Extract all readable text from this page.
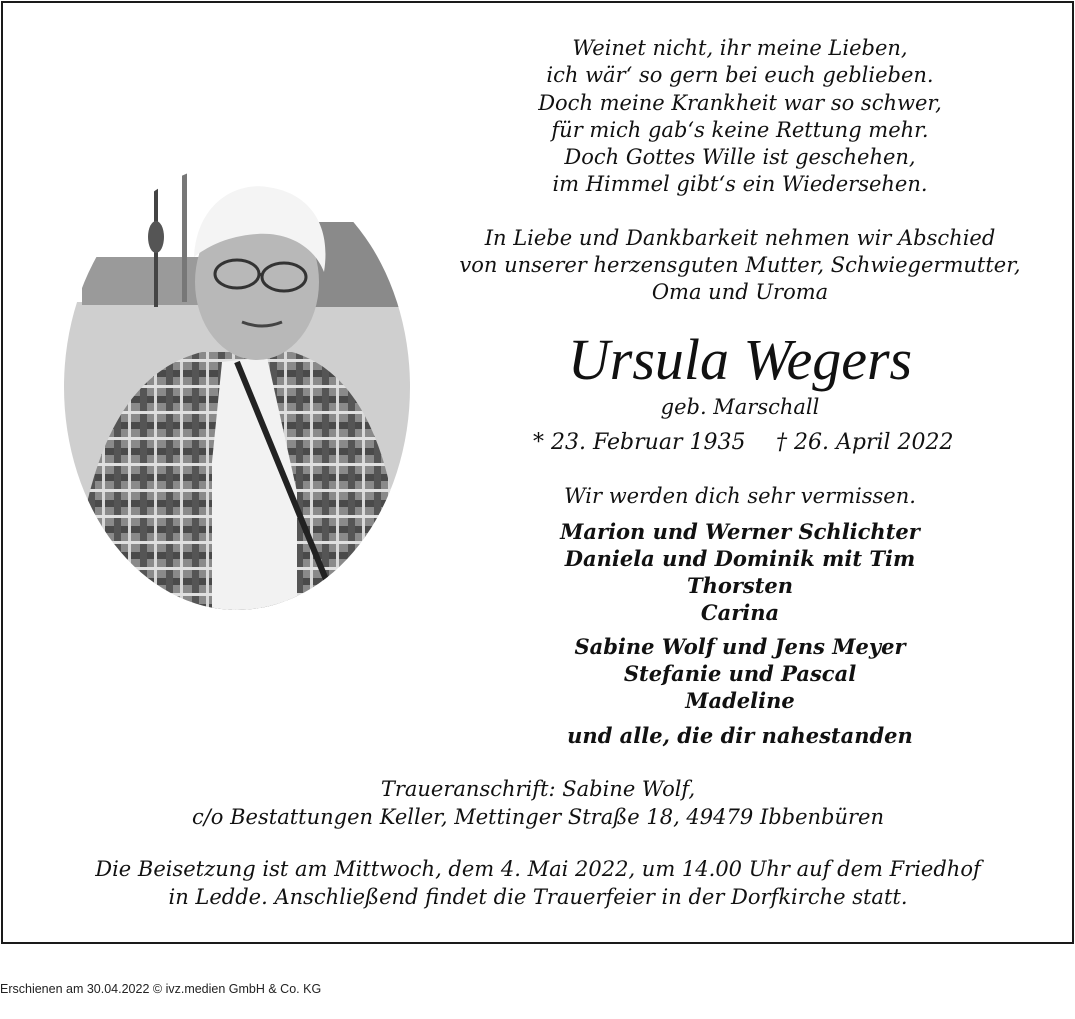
Weinet nicht, ihr meine Lieben,
ich wär‘ so gern bei euch geblieben.
Doch meine Krankheit war so schwer,
für mich gab‘s keine Rettung mehr.
Doch Gottes Wille ist geschehen,
im Himmel gibt‘s ein Wiedersehen.
In Liebe und Dankbarkeit nehmen wir Abschied
von unserer herzensguten Mutter, Schwiegermutter,
Oma und Uroma
Ursula Wegers
geb. Marschall
* 23. Februar 1935 † 26. April 2022
Wir werden dich sehr vermissen.
Marion und Werner Schlichter
Daniela und Dominik mit Tim
Thorsten
Carina
Sabine Wolf und Jens Meyer
Stefanie und Pascal
Madeline
und alle, die dir nahestanden
Traueranschrift: Sabine Wolf,
c/o Bestattungen Keller, Mettinger Straße 18, 49479 Ibbenbüren
Die Beisetzung ist am Mittwoch, dem 4. Mai 2022, um 14.00 Uhr auf dem Friedhof
in Ledde. Anschließend findet die Trauerfeier in der Dorfkirche statt.
Erschienen am 30.04.2022 © ivz.medien GmbH & Co. KG
